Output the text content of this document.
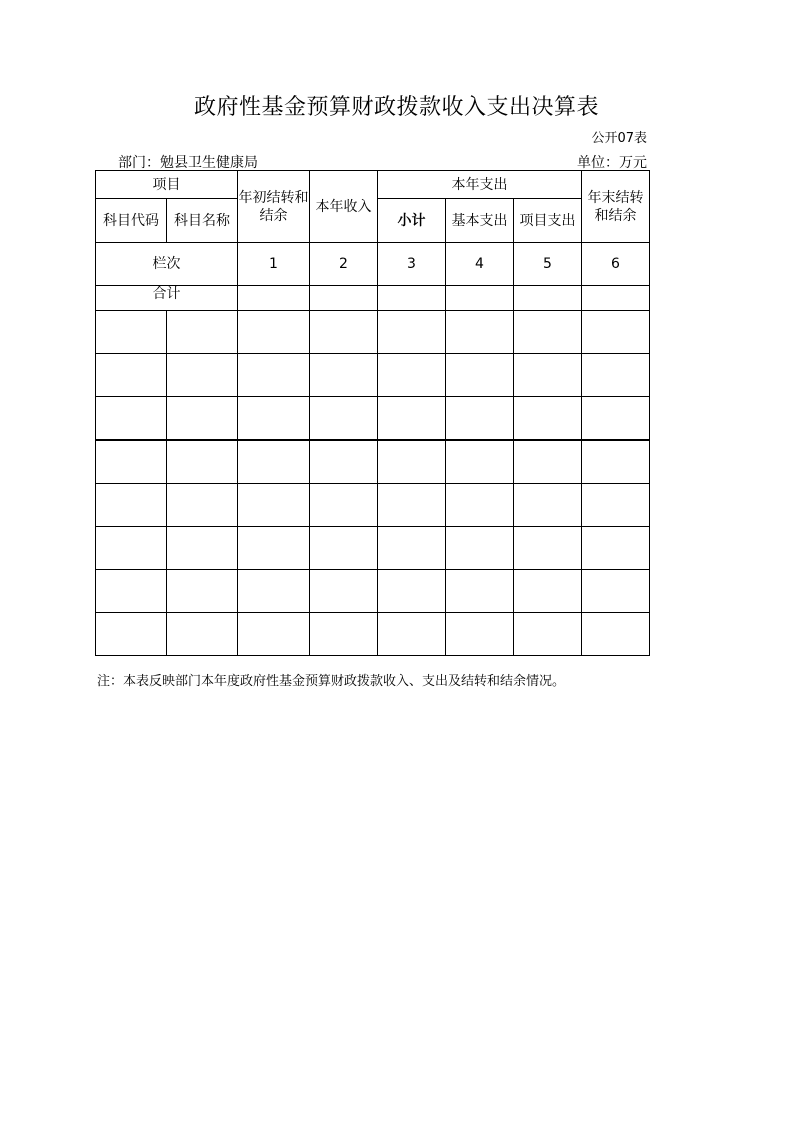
政府性基金预算财政拨款收入支出决算表
公开07表
部门：勉县卫生健康局	单位：万元
项目		年初结转和结余	本年收入	本年支出			年末结转和结余
科目代码	科目名称			小计	基本支出	项目支出	
栏次		1	2	3	4	5	6
合计							

注：本表反映部门本年度政府性基金预算财政拨款收入、支出及结转和结余情况。
